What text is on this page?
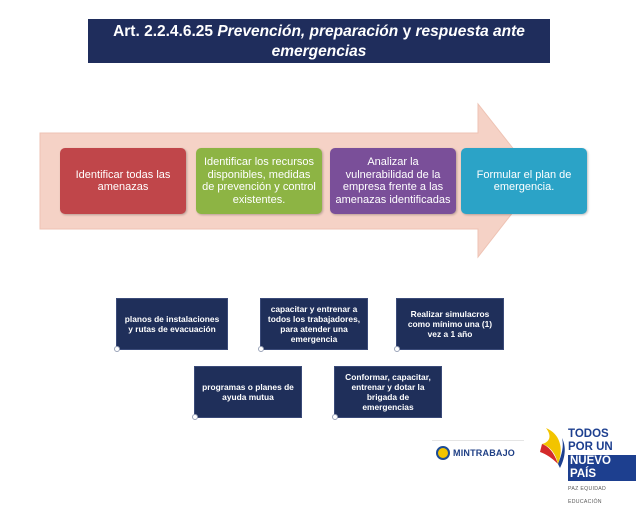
Art. 2.2.4.6.25 Prevención, preparación y respuesta ante
emergencias
Identificar todas las amenazas
Identificar los recursos disponibles, medidas de prevención y control existentes.
Analizar la vulnerabilidad de la empresa frente a las amenazas identificadas
Formular el plan de emergencia.
planos de instalaciones y rutas de evacuación
capacitar y entrenar a todos los trabajadores, para atender una emergencia
Realizar simulacros como mínimo una (1) vez a 1 año
programas o planes de ayuda mutua
Conformar, capacitar, entrenar y dotar la brigada de emergencias
MINTRABAJO
TODOS POR UN
NUEVO PAÍS
PAZ EQUIDAD EDUCACIÓN
